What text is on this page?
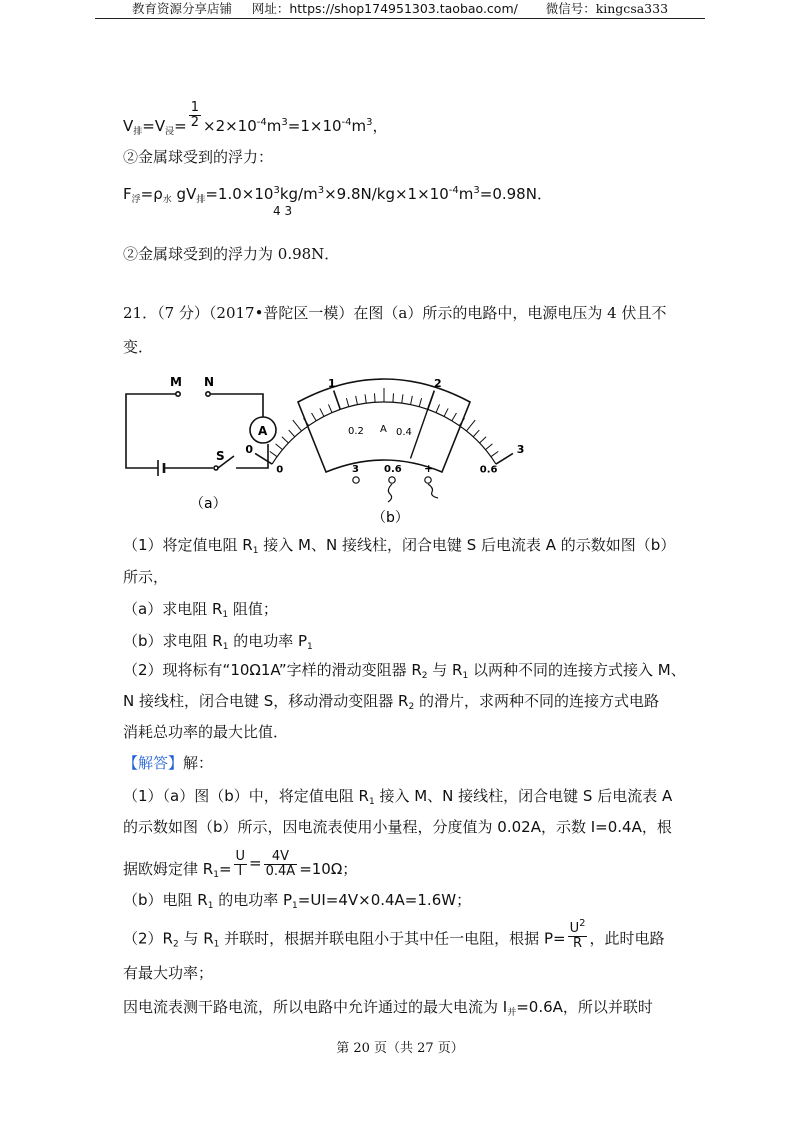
教育资源分享店铺 网址：https://shop174951303.taobao.com/ 微信号：kingcsa333
$V_排=V_浸= \frac{1}{2} \times 2\times 10^{-4}m^3=1\times 10^{-4}m^3$，
②金属球受到的浮力：
$F_浮=\rho_水$ $gV_排=1.0\times 10^3kg/m^3\times 9.8N/kg\times 1\times 10^{-4}m^3=0.98N$．
4 3
②金属球受到的浮力为 0.98N．
21．（7 分）（2017•普陀区一模）在图（a）所示的电路中，电源电压为 4 伏且不
变．
M N
A
S
（a）
0
1	2
3
0	0.6
0.2 A 0.4
3	0.6 +
（b）
（1）将定值电阻 $R_1$ 接入 M、N 接线柱，闭合电键 S 后电流表 A 的示数如图（b）
所示，
（a）求电阻 $R_1$ 阻值；
（b）求电阻 $R_1$ 的电功率 $P_1$
（2）现将标有“10Ω1A”字样的滑动变阻器 $R_2$ 与 $R_1$ 以两种不同的连接方式接入 M、
N 接线柱，闭合电键 S，移动滑动变阻器 $R_2$ 的滑片，求两种不同的连接方式电路
消耗总功率的最大比值．
【解答】解：
（1）（a）图（b）中，将定值电阻 $R_1$ 接入 M、N 接线柱，闭合电键 S 后电流表 A
的示数如图（b）所示，因电流表使用小量程，分度值为 0.02A，示数 I=0.4A，根
据欧姆定律 $R_1= \frac{U}{I} = \frac{4V}{0.4A} =10\Omega$；
（b）电阻 $R_1$ 的电功率 $P_1=UI=4V\times 0.4A=1.6W$；
$(2)R_2$ 与 $R_1$ 并联时，根据并联电阻小于其中任一电阻，根据 $P= \frac{U^2}{R}$ ，此时电路
有最大功率；
因电流表测干路电流，所以电路中允许通过的最大电流为 $I_并=0.6A$，所以并联时
第 20 页（共 27 页）
